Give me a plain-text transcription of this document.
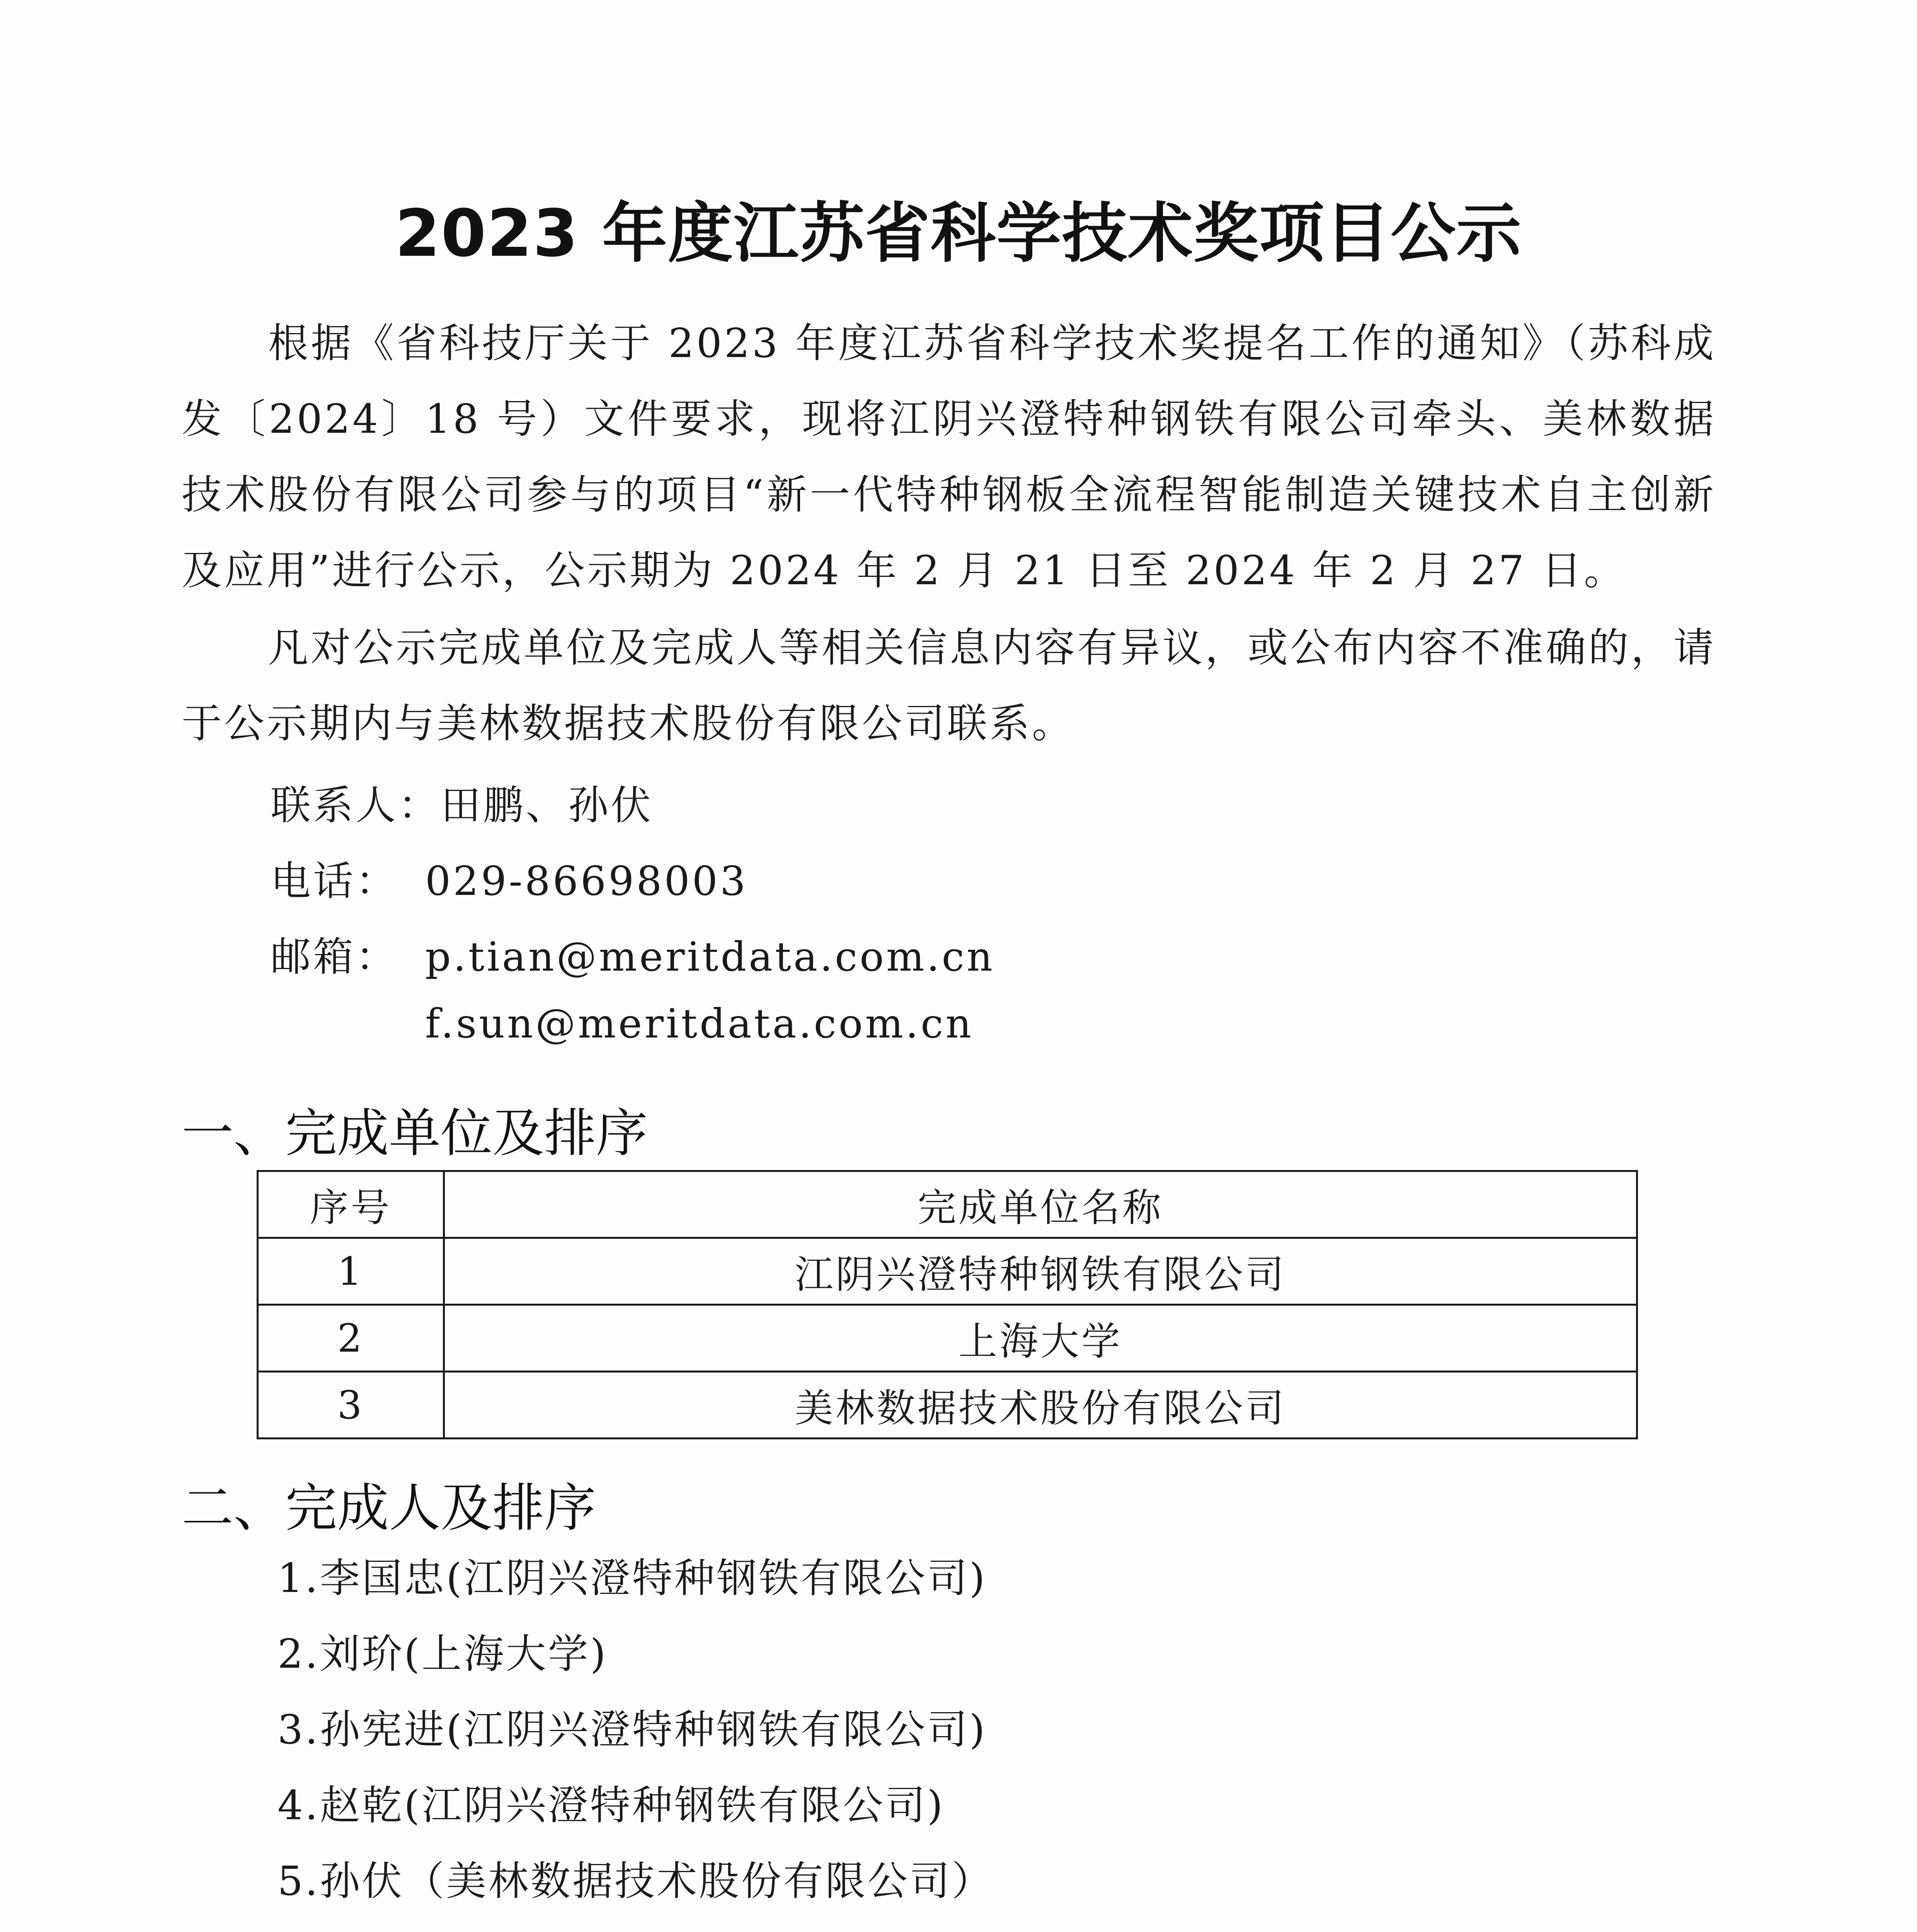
2023 年度江苏省科学技术奖项目公示
根据《省科技厅关于 2023 年度江苏省科学技术奖提名工作的通知》（苏科成发〔2024〕18 号）文件要求，现将江阴兴澄特种钢铁有限公司牵头、美林数据技术股份有限公司参与的项目“新一代特种钢板全流程智能制造关键技术自主创新及应用”进行公示，公示期为 2024 年 2 月 21 日至 2024 年 2 月 27 日。
凡对公示完成单位及完成人等相关信息内容有异议，或公布内容不准确的，请于公示期内与美林数据技术股份有限公司联系。
联系人：田鹏、孙伏
电话： 029-86698003
邮箱： p.tian@meritdata.com.cn
f.sun@meritdata.com.cn
一、完成单位及排序
序号	完成单位名称
1	江阴兴澄特种钢铁有限公司
2	上海大学
3	美林数据技术股份有限公司
二、完成人及排序
1.李国忠(江阴兴澄特种钢铁有限公司)
2.刘玠(上海大学)
3.孙宪进(江阴兴澄特种钢铁有限公司)
4.赵乾(江阴兴澄特种钢铁有限公司)
5.孙伏（美林数据技术股份有限公司）
